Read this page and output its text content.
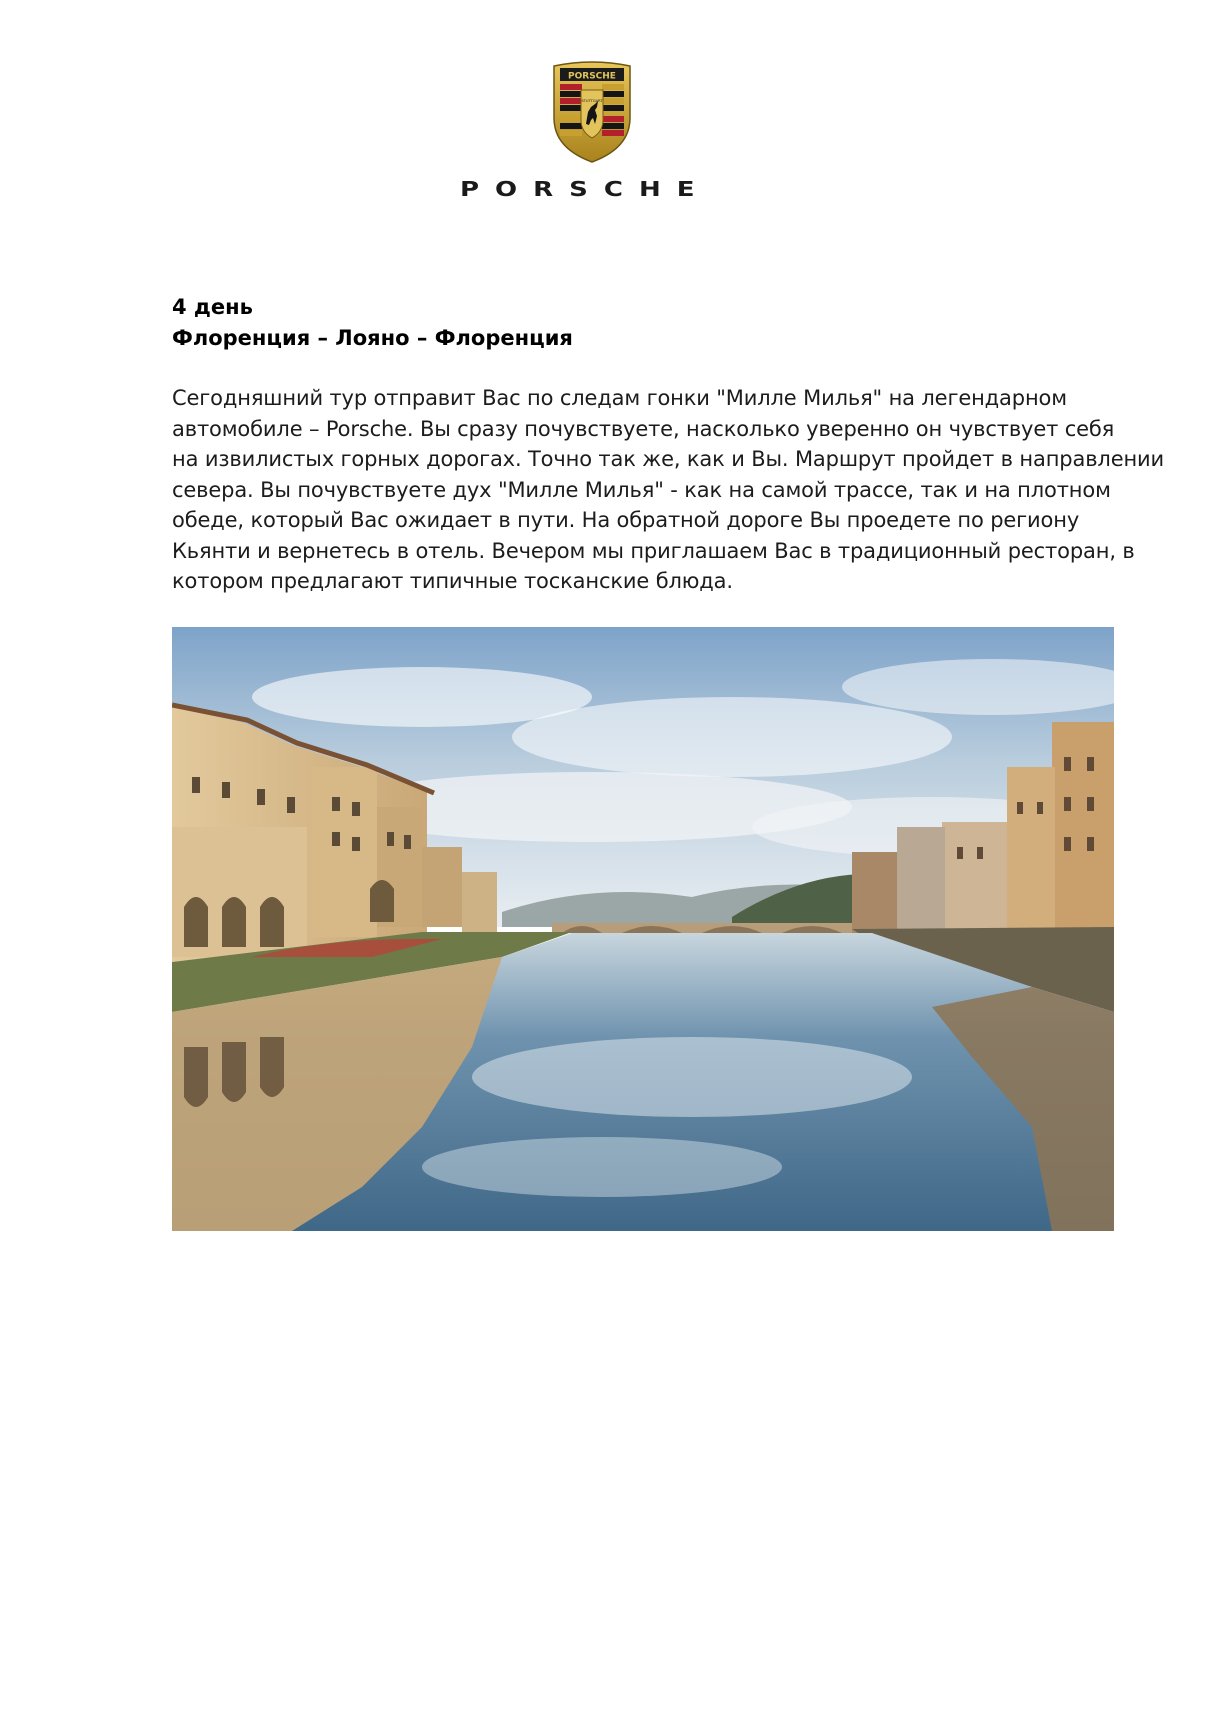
PORSCHE
STUTTGART
PORSCHE
4 день
Флоренция – Лояно – Флоренция
Сегодняшний тур отправит Вас по следам гонки "Милле Милья" на легендарном
автомобиле – Porsche. Вы сразу почувствуете, насколько уверенно он чувствует себя
на извилистых горных дорогах. Точно так же, как и Вы. Маршрут пройдет в направлении
севера. Вы почувствуете дух "Милле Милья" - как на самой трассе, так и на плотном
обеде, который Вас ожидает в пути. На обратной дороге Вы проедете по региону
Кьянти и вернетесь в отель. Вечером мы приглашаем Вас в традиционный ресторан, в
котором предлагают типичные тосканские блюда.
